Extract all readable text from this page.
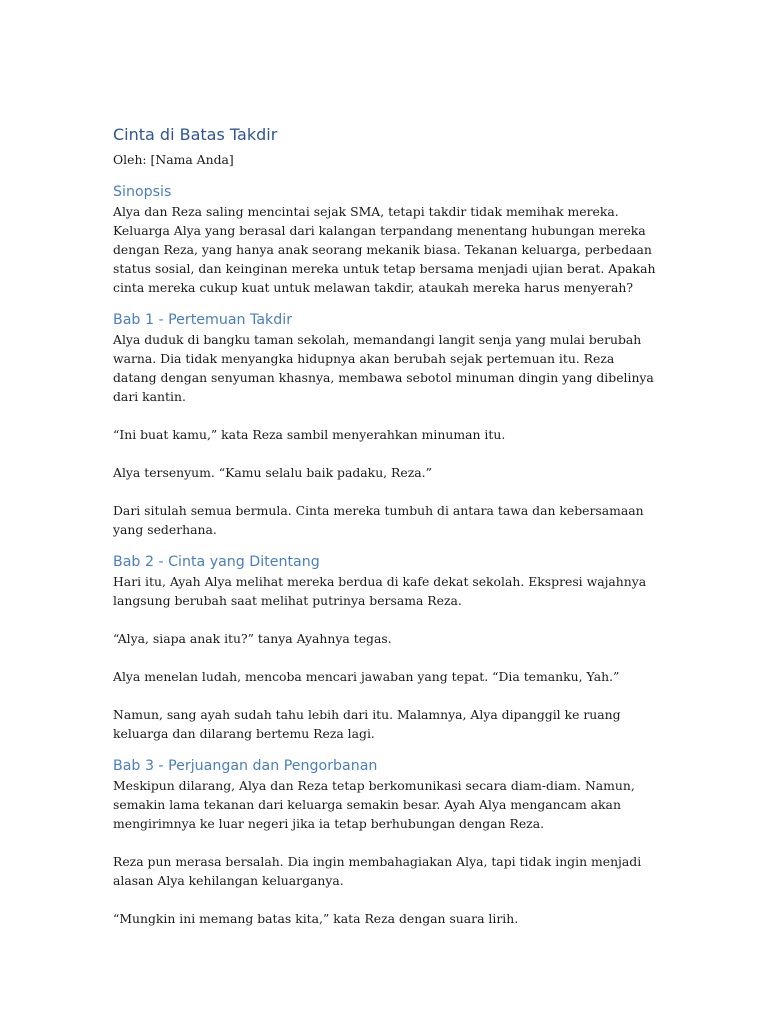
Cinta di Batas Takdir

Oleh: [Nama Anda]

Sinopsis

Alya dan Reza saling mencintai sejak SMA, tetapi takdir tidak memihak mereka. Keluarga Alya yang berasal dari kalangan terpandang menentang hubungan mereka dengan Reza, yang hanya anak seorang mekanik biasa. Tekanan keluarga, perbedaan status sosial, dan keinginan mereka untuk tetap bersama menjadi ujian berat. Apakah cinta mereka cukup kuat untuk melawan takdir, ataukah mereka harus menyerah?

Bab 1 - Pertemuan Takdir

Alya duduk di bangku taman sekolah, memandangi langit senja yang mulai berubah warna. Dia tidak menyangka hidupnya akan berubah sejak pertemuan itu. Reza datang dengan senyuman khasnya, membawa sebotol minuman dingin yang dibelinya dari kantin.

“Ini buat kamu,” kata Reza sambil menyerahkan minuman itu.

Alya tersenyum. “Kamu selalu baik padaku, Reza.”

Dari situlah semua bermula. Cinta mereka tumbuh di antara tawa dan kebersamaan yang sederhana.

Bab 2 - Cinta yang Ditentang

Hari itu, Ayah Alya melihat mereka berdua di kafe dekat sekolah. Ekspresi wajahnya langsung berubah saat melihat putrinya bersama Reza.

“Alya, siapa anak itu?” tanya Ayahnya tegas.

Alya menelan ludah, mencoba mencari jawaban yang tepat. “Dia temanku, Yah.”

Namun, sang ayah sudah tahu lebih dari itu. Malamnya, Alya dipanggil ke ruang keluarga dan dilarang bertemu Reza lagi.

Bab 3 - Perjuangan dan Pengorbanan

Meskipun dilarang, Alya dan Reza tetap berkomunikasi secara diam-diam. Namun, semakin lama tekanan dari keluarga semakin besar. Ayah Alya mengancam akan mengirimnya ke luar negeri jika ia tetap berhubungan dengan Reza.

Reza pun merasa bersalah. Dia ingin membahagiakan Alya, tapi tidak ingin menjadi alasan Alya kehilangan keluarganya.

“Mungkin ini memang batas kita,” kata Reza dengan suara lirih.
